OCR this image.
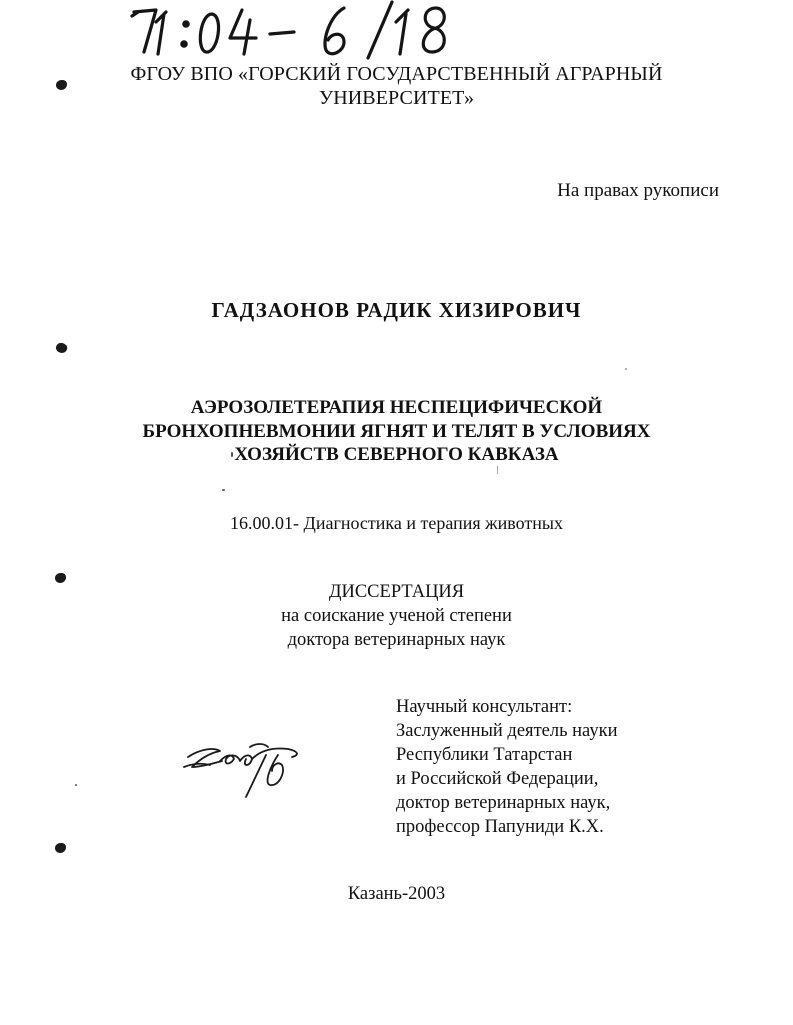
ФГОУ ВПО «ГОРСКИЙ ГОСУДАРСТВЕННЫЙ АГРАРНЫЙ
УНИВЕРСИТЕТ»
На правах рукописи
ГАДЗАОНОВ РАДИК ХИЗИРОВИЧ
АЭРОЗОЛЕТЕРАПИЯ НЕСПЕЦИФИЧЕСКОЙ
БРОНХОПНЕВМОНИИ ЯГНЯТ И ТЕЛЯТ В УСЛОВИЯХ
ХОЗЯЙСТВ СЕВЕРНОГО КАВКАЗА
16.00.01- Диагностика и терапия животных
ДИССЕРТАЦИЯ
на соискание ученой степени
доктора ветеринарных наук
Научный консультант:
Заслуженный деятель науки
Республики Татарстан
и Российской Федерации,
доктор ветеринарных наук,
профессор Папуниди К.Х.
Казань-2003
